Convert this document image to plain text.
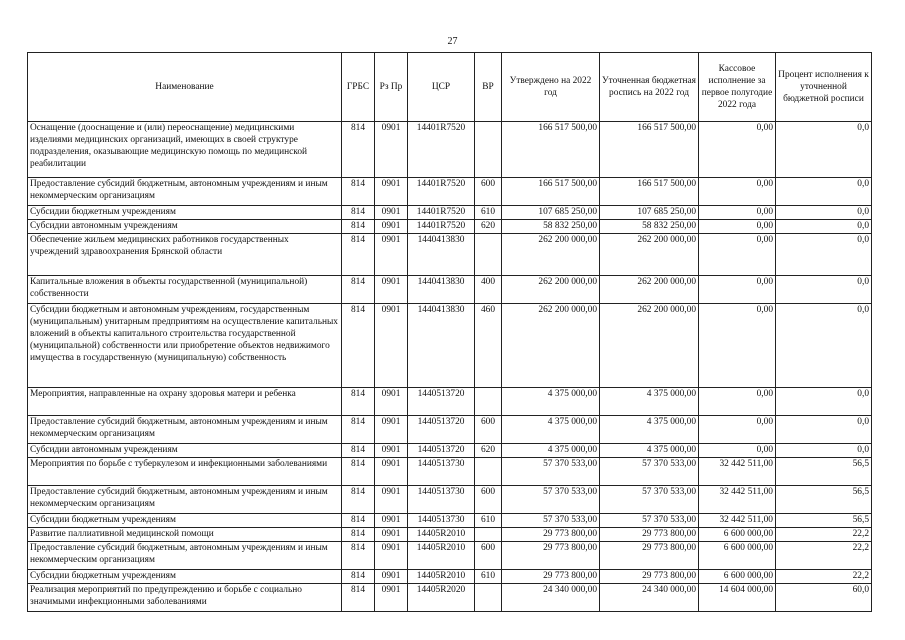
27
Наименование	ГРБС	Рз Пр	ЦСР	ВР	Утверждено на 2022 год	Уточненная бюджетная роспись на 2022 год	Кассовое исполнение за первое полугодие 2022 года	Процент исполнения к уточненной бюджетной росписи
Оснащение (дооснащение и (или) переоснащение) медицинскими изделиями медицинских организаций, имеющих в своей структуре подразделения, оказывающие медицинскую помощь по медицинской реабилитации	814	0901	14401R7520		166 517 500,00	166 517 500,00	0,00	0,0
Предоставление субсидий бюджетным, автономным учреждениям и иным некоммерческим организациям	814	0901	14401R7520	600	166 517 500,00	166 517 500,00	0,00	0,0
Субсидии бюджетным учреждениям	814	0901	14401R7520	610	107 685 250,00	107 685 250,00	0,00	0,0
Субсидии автономным учреждениям	814	0901	14401R7520	620	58 832 250,00	58 832 250,00	0,00	0,0
Обеспечение жильем медицинских работников государственных учреждений здравоохранения Брянской области	814	0901	1440413830		262 200 000,00	262 200 000,00	0,00	0,0
Капитальные вложения в объекты государственной (муниципальной) собственности	814	0901	1440413830	400	262 200 000,00	262 200 000,00	0,00	0,0
Субсидии бюджетным и автономным учреждениям, государственным (муниципальным) унитарным предприятиям на осуществление капитальных вложений в объекты капитального строительства государственной (муниципальной) собственности или приобретение объектов недвижимого имущества в государственную (муниципальную) собственность	814	0901	1440413830	460	262 200 000,00	262 200 000,00	0,00	0,0
Мероприятия, направленные на охрану здоровья матери и ребенка	814	0901	1440513720		4 375 000,00	4 375 000,00	0,00	0,0
Предоставление субсидий бюджетным, автономным учреждениям и иным некоммерческим организациям	814	0901	1440513720	600	4 375 000,00	4 375 000,00	0,00	0,0
Субсидии автономным учреждениям	814	0901	1440513720	620	4 375 000,00	4 375 000,00	0,00	0,0
Мероприятия по борьбе с туберкулезом и инфекционными заболеваниями	814	0901	1440513730		57 370 533,00	57 370 533,00	32 442 511,00	56,5
Предоставление субсидий бюджетным, автономным учреждениям и иным некоммерческим организациям	814	0901	1440513730	600	57 370 533,00	57 370 533,00	32 442 511,00	56,5
Субсидии бюджетным учреждениям	814	0901	1440513730	610	57 370 533,00	57 370 533,00	32 442 511,00	56,5
Развитие паллиативной медицинской помощи	814	0901	14405R2010		29 773 800,00	29 773 800,00	6 600 000,00	22,2
Предоставление субсидий бюджетным, автономным учреждениям и иным некоммерческим организациям	814	0901	14405R2010	600	29 773 800,00	29 773 800,00	6 600 000,00	22,2
Субсидии бюджетным учреждениям	814	0901	14405R2010	610	29 773 800,00	29 773 800,00	6 600 000,00	22,2
Реализация мероприятий по предупреждению и борьбе с социально значимыми инфекционными заболеваниями	814	0901	14405R2020		24 340 000,00	24 340 000,00	14 604 000,00	60,0
